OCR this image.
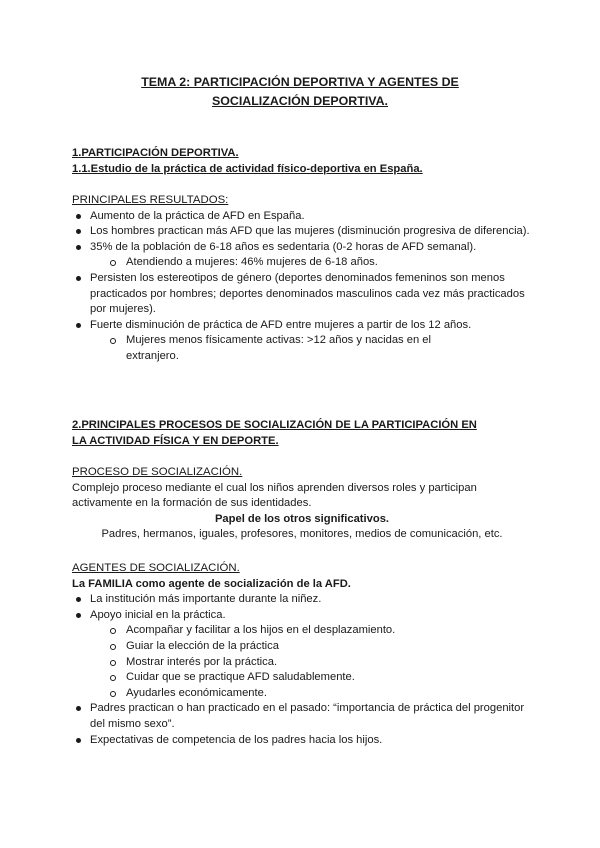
TEMA 2: PARTICIPACIÓN DEPORTIVA Y AGENTES DE
SOCIALIZACIÓN DEPORTIVA.
1.PARTICIPACIÓN DEPORTIVA.
1.1.Estudio de la práctica de actividad físico-deportiva en España.
PRINCIPALES RESULTADOS:
Aumento de la práctica de AFD en España.
Los hombres practican más AFD que las mujeres (disminución progresiva de diferencia).
35% de la población de 6-18 años es sedentaria (0-2 horas de AFD semanal).
Atendiendo a mujeres: 46% mujeres de 6-18 años.
Persisten los estereotipos de género (deportes denominados femeninos son menos practicados por hombres; deportes denominados masculinos cada vez más practicados por mujeres).
Fuerte disminución de práctica de AFD entre mujeres a partir de los 12 años.
Mujeres menos físicamente activas: >12 años y nacidas en el extranjero.
2.PRINCIPALES PROCESOS DE SOCIALIZACIÓN DE LA PARTICIPACIÓN EN
LA ACTIVIDAD FÍSICA Y EN DEPORTE.
PROCESO DE SOCIALIZACIÓN.
Complejo proceso mediante el cual los niños aprenden diversos roles y participan activamente en la formación de sus identidades.
Papel de los otros significativos.
Padres, hermanos, iguales, profesores, monitores, medios de comunicación, etc.
AGENTES DE SOCIALIZACIÓN.
La FAMILIA como agente de socialización de la AFD.
La institución más importante durante la niñez.
Apoyo inicial en la práctica.
Acompañar y facilitar a los hijos en el desplazamiento.
Guiar la elección de la práctica
Mostrar interés por la práctica.
Cuidar que se practique AFD saludablemente.
Ayudarles económicamente.
Padres practican o han practicado en el pasado: “importancia de práctica del progenitor del mismo sexo”.
Expectativas de competencia de los padres hacia los hijos.
